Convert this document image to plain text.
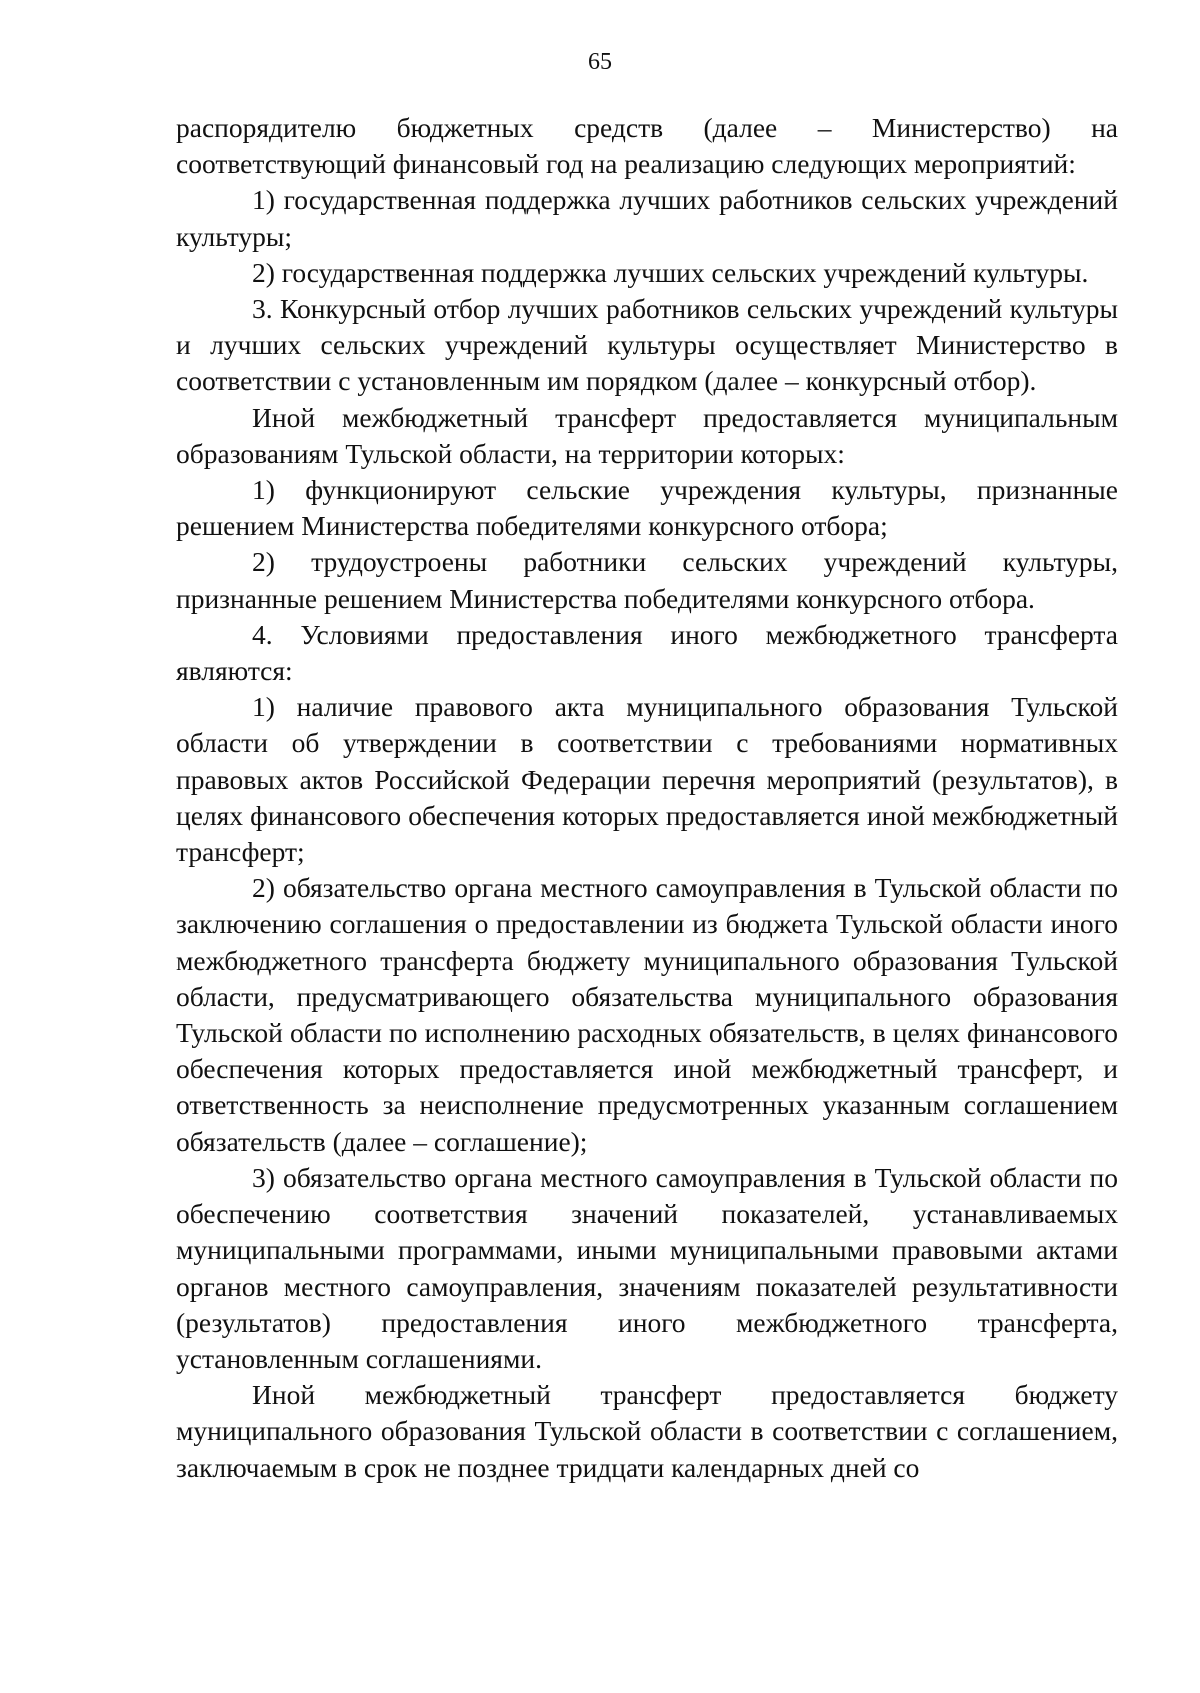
65

распорядителю бюджетных средств (далее – Министерство) на соответствующий финансовый год на реализацию следующих мероприятий:

1) государственная поддержка лучших работников сельских учреждений культуры;

2) государственная поддержка лучших сельских учреждений культуры.

3. Конкурсный отбор лучших работников сельских учреждений культуры и лучших сельских учреждений культуры осуществляет Министерство в соответствии с установленным им порядком (далее – конкурсный отбор).

Иной межбюджетный трансферт предоставляется муниципальным образованиям Тульской области, на территории которых:

1) функционируют сельские учреждения культуры, признанные решением Министерства победителями конкурсного отбора;

2) трудоустроены работники сельских учреждений культуры, признанные решением Министерства победителями конкурсного отбора.

4. Условиями предоставления иного межбюджетного трансферта являются:

1) наличие правового акта муниципального образования Тульской области об утверждении в соответствии с требованиями нормативных правовых актов Российской Федерации перечня мероприятий (результатов), в целях финансового обеспечения которых предоставляется иной межбюджетный трансферт;

2) обязательство органа местного самоуправления в Тульской области по заключению соглашения о предоставлении из бюджета Тульской области иного межбюджетного трансферта бюджету муниципального образования Тульской области, предусматривающего обязательства муниципального образования Тульской области по исполнению расходных обязательств, в целях финансового обеспечения которых предоставляется иной межбюджетный трансферт, и ответственность за неисполнение предусмотренных указанным соглашением обязательств (далее – соглашение);

3) обязательство органа местного самоуправления в Тульской области по обеспечению соответствия значений показателей, устанавливаемых муниципальными программами, иными муниципальными правовыми актами органов местного самоуправления, значениям показателей результативности (результатов) предоставления иного межбюджетного трансферта, установленным соглашениями.

Иной межбюджетный трансферт предоставляется бюджету муниципального образования Тульской области в соответствии с соглашением, заключаемым в срок не позднее тридцати календарных дней со
